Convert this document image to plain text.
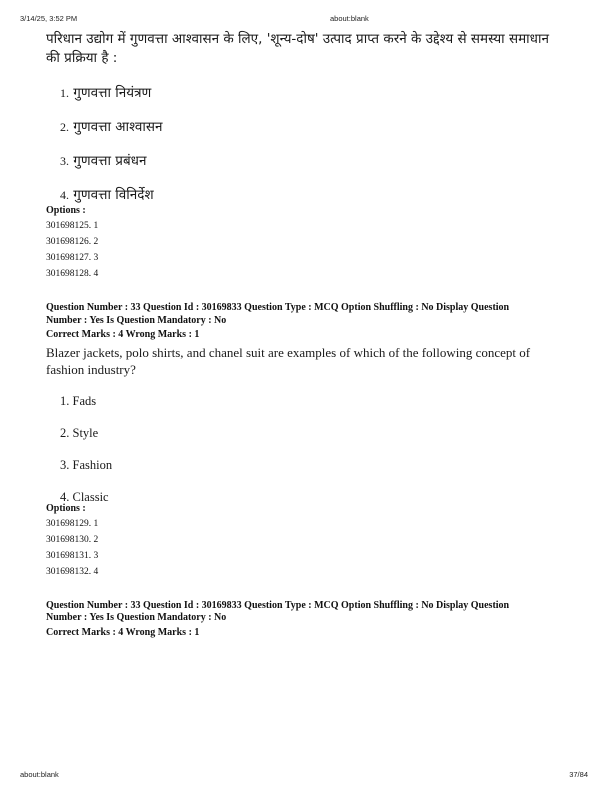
3/14/25, 3:52 PM	about:blank

परिधान उद्योग में गुणवत्ता आश्वासन के लिए, 'शून्य-दोष' उत्पाद प्राप्त करने के उद्देश्य से समस्या समाधान की प्रक्रिया है :

1. गुणवत्ता नियंत्रण
2. गुणवत्ता आश्वासन
3. गुणवत्ता प्रबंधन
4. गुणवत्ता विनिर्देश
Options :
301698125. 1
301698126. 2
301698127. 3
301698128. 4
Question Number : 33 Question Id : 30169833 Question Type : MCQ Option Shuffling : No Display Question
Number : Yes Is Question Mandatory : No
Correct Marks : 4 Wrong Marks : 1
Blazer jackets, polo shirts, and chanel suit are examples of which of the following concept of fashion industry?
1. Fads
2. Style
3. Fashion
4. Classic
Options :
301698129. 1
301698130. 2
301698131. 3
301698132. 4
Question Number : 33 Question Id : 30169833 Question Type : MCQ Option Shuffling : No Display Question
Number : Yes Is Question Mandatory : No
Correct Marks : 4 Wrong Marks : 1
about:blank	37/84
